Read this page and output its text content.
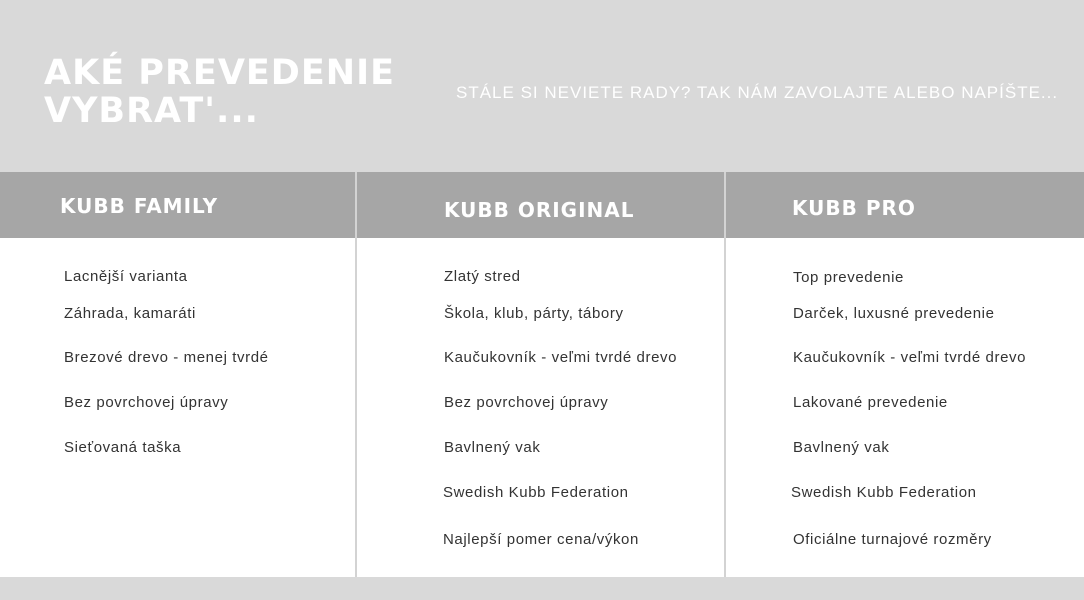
AKÉ PREVEDENIE
VYBRAT'...	STÁLE SI NEVIETE RADY? TAK NÁM ZAVOLAJTE ALEBO NAPÍŠTE...

KUBB FAMILY
Lacnější varianta
Záhrada, kamaráti
Brezové drevo - menej tvrdé
Bez povrchovej úpravy
Sieťovaná taška
KUBB ORIGINAL
Zlatý stred
Škola, klub, párty, tábory
Kaučukovník - veľmi tvrdé drevo
Bez povrchovej úpravy
Bavlnený vak
Swedish Kubb Federation
Najlepší pomer cena/výkon
KUBB PRO
Top prevedenie
Darček, luxusné prevedenie
Kaučukovník - veľmi tvrdé drevo
Lakované prevedenie
Bavlnený vak
Swedish Kubb Federation
Oficiálne turnajové rozměry
